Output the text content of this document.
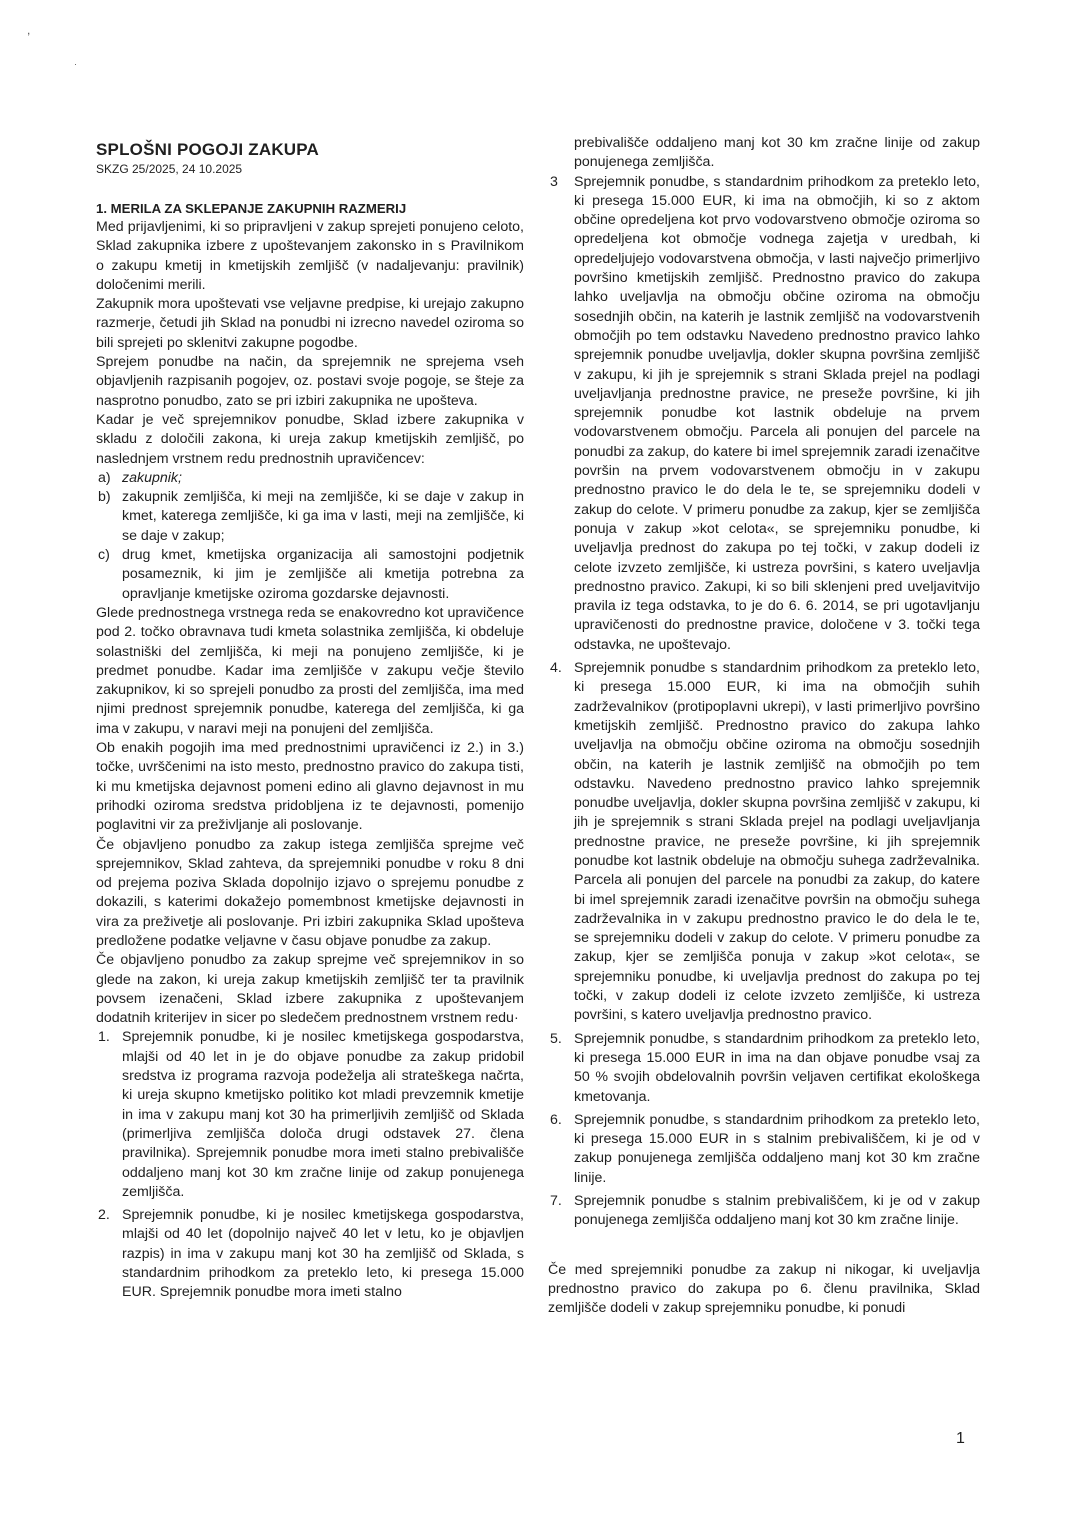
,
·
SPLOŠNI POGOJI ZAKUPA

SKZG 25/2025, 24 10.2025

1. MERILA ZA SKLEPANJE ZAKUPNIH RAZMERIJ

Med prijavljenimi, ki so pripravljeni v zakup sprejeti ponujeno celoto, Sklad zakupnika izbere z upoštevanjem zakonsko in s Pravilnikom o zakupu kmetij in kmetijskih zemljišč (v nadaljevanju: pravilnik) določenimi merili.

Zakupnik mora upoštevati vse veljavne predpise, ki urejajo zakupno razmerje, četudi jih Sklad na ponudbi ni izrecno navedel oziroma so bili sprejeti po sklenitvi zakupne pogodbe.

Sprejem ponudbe na način, da sprejemnik ne sprejema vseh objavljenih razpisanih pogojev, oz. postavi svoje pogoje, se šteje za nasprotno ponudbo, zato se pri izbiri zakupnika ne upošteva.

Kadar je več sprejemnikov ponudbe, Sklad izbere zakupnika v skladu z določili zakona, ki ureja zakup kmetijskih zemljišč, po naslednjem vrstnem redu prednostnih upravičencev:

a) zakupnik;
b) zakupnik zemljišča, ki meji na zemljišče, ki se daje v zakup in kmet, katerega zemljišče, ki ga ima v lasti, meji na zemljišče, ki se daje v zakup;
c) drug kmet, kmetijska organizacija ali samostojni podjetnik posameznik, ki jim je zemljišče ali kmetija potrebna za opravljanje kmetijske oziroma gozdarske dejavnosti.

Glede prednostnega vrstnega reda se enakovredno kot upravičence pod 2. točko obravnava tudi kmeta solastnika zemljišča, ki obdeluje solastniški del zemljišča, ki meji na ponujeno zemljišče, ki je predmet ponudbe. Kadar ima zemljišče v zakupu večje število zakupnikov, ki so sprejeli ponudbo za prosti del zemljišča, ima med njimi prednost sprejemnik ponudbe, katerega del zemljišča, ki ga ima v zakupu, v naravi meji na ponujeni del zemljišča.

Ob enakih pogojih ima med prednostnimi upravičenci iz 2.) in 3.) točke, uvrščenimi na isto mesto, prednostno pravico do zakupa tisti, ki mu kmetijska dejavnost pomeni edino ali glavno dejavnost in mu prihodki oziroma sredstva pridobljena iz te dejavnosti, pomenijo poglavitni vir za preživljanje ali poslovanje.

Če objavljeno ponudbo za zakup istega zemljišča sprejme več sprejemnikov, Sklad zahteva, da sprejemniki ponudbe v roku 8 dni od prejema poziva Sklada dopolnijo izjavo o sprejemu ponudbe z dokazili, s katerimi dokažejo pomembnost kmetijske dejavnosti in vira za preživetje ali poslovanje. Pri izbiri zakupnika Sklad upošteva predložene podatke veljavne v času objave ponudbe za zakup.

Če objavljeno ponudbo za zakup sprejme več sprejemnikov in so glede na zakon, ki ureja zakup kmetijskih zemljišč ter ta pravilnik povsem izenačeni, Sklad izbere zakupnika z upoštevanjem dodatnih kriterijev in sicer po sledečem prednostnem vrstnem redu·

1. Sprejemnik ponudbe, ki je nosilec kmetijskega gospodarstva, mlajši od 40 let in je do objave ponudbe za zakup pridobil sredstva iz programa razvoja podeželja ali strateškega načrta, ki ureja skupno kmetijsko politiko kot mladi prevzemnik kmetije in ima v zakupu manj kot 30 ha primerljivih zemljišč od Sklada (primerljiva zemljišča določa drugi odstavek 27. člena pravilnika). Sprejemnik ponudbe mora imeti stalno prebivališče oddaljeno manj kot 30 km zračne linije od zakup ponujenega zemljišča.
2. Sprejemnik ponudbe, ki je nosilec kmetijskega gospodarstva, mlajši od 40 let (dopolnijo največ 40 let v letu, ko je objavljen razpis) in ima v zakupu manj kot 30 ha zemljišč od Sklada, s standardnim prihodkom za preteklo leto, ki presega 15.000 EUR. Sprejemnik ponudbe mora imeti stalno

prebivališče oddaljeno manj kot 30 km zračne linije od zakup ponujenega zemljišča.

3 Sprejemnik ponudbe, s standardnim prihodkom za preteklo leto, ki presega 15.000 EUR, ki ima na območjih, ki so z aktom občine opredeljena kot prvo vodovarstveno območje oziroma so opredeljena kot območje vodnega zajetja v uredbah, ki opredeljujejo vodovarstvena območja, v lasti največjo primerljivo površino kmetijskih zemljišč. Prednostno pravico do zakupa lahko uveljavlja na območju občine oziroma na območju sosednjih občin, na katerih je lastnik zemljišč na vodovarstvenih območjih po tem odstavku Navedeno prednostno pravico lahko sprejemnik ponudbe uveljavlja, dokler skupna površina zemljišč v zakupu, ki jih je sprejemnik s strani Sklada prejel na podlagi uveljavljanja prednostne pravice, ne preseže površine, ki jih sprejemnik ponudbe kot lastnik obdeluje na prvem vodovarstvenem območju. Parcela ali ponujen del parcele na ponudbi za zakup, do katere bi imel sprejemnik zaradi izenačitve površin na prvem vodovarstvenem območju in v zakupu prednostno pravico le do dela le te, se sprejemniku dodeli v zakup do celote. V primeru ponudbe za zakup, kjer se zemljišča ponuja v zakup »kot celota«, se sprejemniku ponudbe, ki uveljavlja prednost do zakupa po tej točki, v zakup dodeli iz celote izvzeto zemljišče, ki ustreza površini, s katero uveljavlja prednostno pravico. Zakupi, ki so bili sklenjeni pred uveljavitvijo pravila iz tega odstavka, to je do 6. 6. 2014, se pri ugotavljanju upravičenosti do prednostne pravice, določene v 3. točki tega odstavka, ne upoštevajo.
4. Sprejemnik ponudbe s standardnim prihodkom za preteklo leto, ki presega 15.000 EUR, ki ima na območjih suhih zadrževalnikov (protipoplavni ukrepi), v lasti primerljivo površino kmetijskih zemljišč. Prednostno pravico do zakupa lahko uveljavlja na območju občine oziroma na območju sosednjih občin, na katerih je lastnik zemljišč na območjih po tem odstavku. Navedeno prednostno pravico lahko sprejemnik ponudbe uveljavlja, dokler skupna površina zemljišč v zakupu, ki jih je sprejemnik s strani Sklada prejel na podlagi uveljavljanja prednostne pravice, ne preseže površine, ki jih sprejemnik ponudbe kot lastnik obdeluje na območju suhega zadrževalnika. Parcela ali ponujen del parcele na ponudbi za zakup, do katere bi imel sprejemnik zaradi izenačitve površin na območju suhega zadrževalnika in v zakupu prednostno pravico le do dela le te, se sprejemniku dodeli v zakup do celote. V primeru ponudbe za zakup, kjer se zemljišča ponuja v zakup »kot celota«, se sprejemniku ponudbe, ki uveljavlja prednost do zakupa po tej točki, v zakup dodeli iz celote izvzeto zemljišče, ki ustreza površini, s katero uveljavlja prednostno pravico.
5. Sprejemnik ponudbe, s standardnim prihodkom za preteklo leto, ki presega 15.000 EUR in ima na dan objave ponudbe vsaj za 50 % svojih obdelovalnih površin veljaven certifikat ekološkega kmetovanja.
6. Sprejemnik ponudbe, s standardnim prihodkom za preteklo leto, ki presega 15.000 EUR in s stalnim prebivališčem, ki je od v zakup ponujenega zemljišča oddaljeno manj kot 30 km zračne linije.
7. Sprejemnik ponudbe s stalnim prebivališčem, ki je od v zakup ponujenega zemljišča oddaljeno manj kot 30 km zračne linije.

Če med sprejemniki ponudbe za zakup ni nikogar, ki uveljavlja prednostno pravico do zakupa po 6. členu pravilnika, Sklad zemljišče dodeli v zakup sprejemniku ponudbe, ki ponudi

1
